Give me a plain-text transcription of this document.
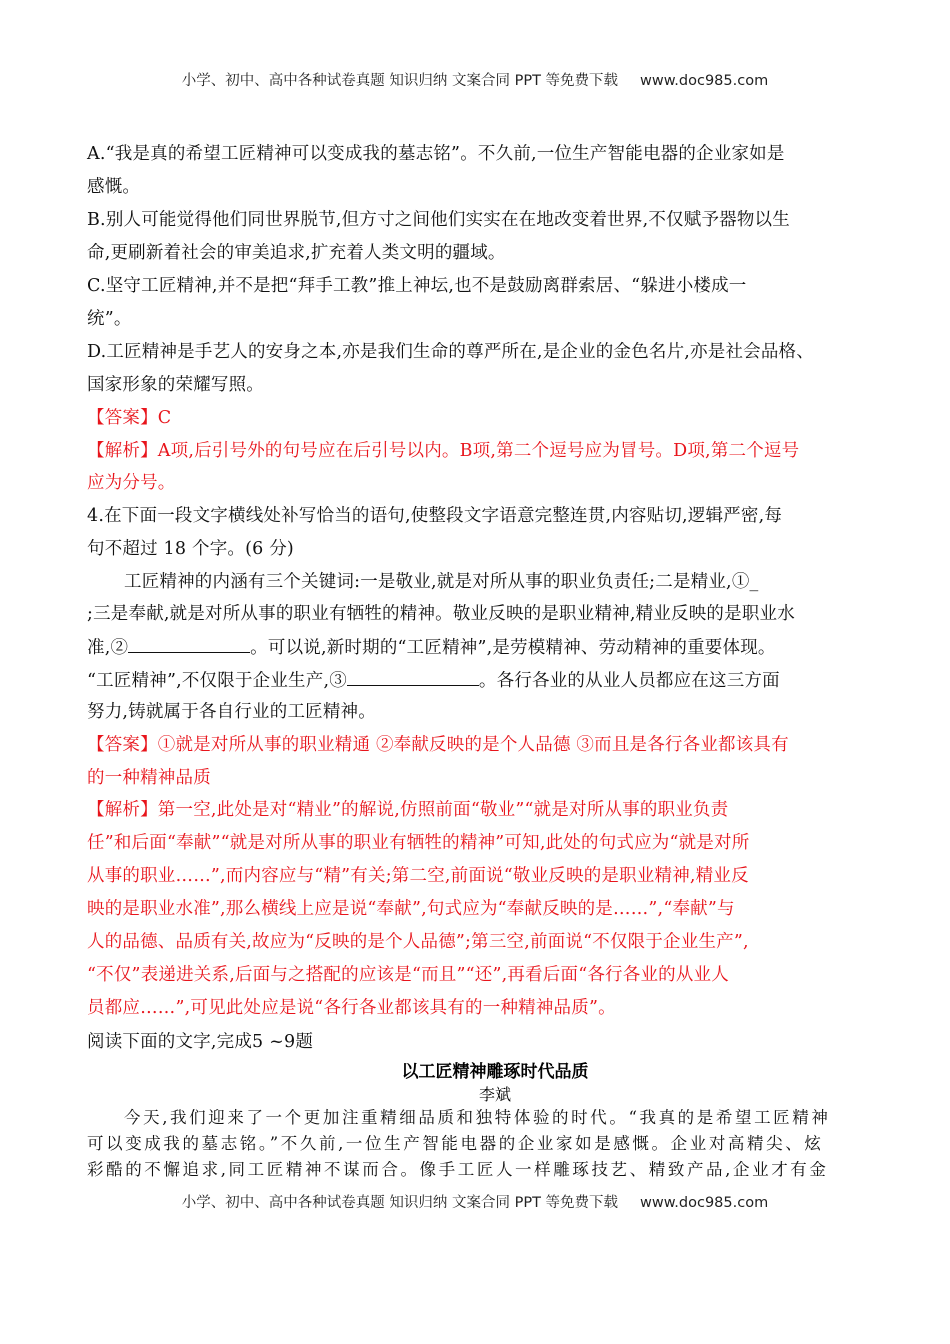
小学、初中、高中各种试卷真题 知识归纳 文案合同 PPT 等免费下载 www.doc985.com
A.“我是真的希望工匠精神可以变成我的墓志铭”。不久前,一位生产智能电器的企业家如是
感慨。
B.别人可能觉得他们同世界脱节,但方寸之间他们实实在在地改变着世界,不仅赋予器物以生
命,更刷新着社会的审美追求,扩充着人类文明的疆域。
C.坚守工匠精神,并不是把“拜手工教”推上神坛,也不是鼓励离群索居、“躲进小楼成一
统”。
D.工匠精神是手艺人的安身之本,亦是我们生命的尊严所在,是企业的金色名片,亦是社会品格、
国家形象的荣耀写照。
【答案】C
【解析】A项,后引号外的句号应在后引号以内。B项,第二个逗号应为冒号。D项,第二个逗号
应为分号。
4.在下面一段文字横线处补写恰当的语句,使整段文字语意完整连贯,内容贴切,逻辑严密,每
句不超过 18 个字。(6 分)
工匠精神的内涵有三个关键词:一是敬业,就是对所从事的职业负责任;二是精业,①_
;三是奉献,就是对所从事的职业有牺牲的精神。敬业反映的是职业精神,精业反映的是职业水
准,②	。可以说,新时期的“工匠精神”,是劳模精神、劳动精神的重要体现。
“工匠精神”,不仅限于企业生产,③	。各行各业的从业人员都应在这三方面
努力,铸就属于各自行业的工匠精神。
【答案】①就是对所从事的职业精通 ②奉献反映的是个人品德 ③而且是各行各业都该具有
的一种精神品质
【解析】第一空,此处是对“精业”的解说,仿照前面“敬业”“就是对所从事的职业负责
任”和后面“奉献”“就是对所从事的职业有牺牲的精神”可知,此处的句式应为“就是对所
从事的职业……”,而内容应与“精”有关;第二空,前面说“敬业反映的是职业精神,精业反
映的是职业水准”,那么横线上应是说“奉献”,句式应为“奉献反映的是……”,“奉献”与
人的品德、品质有关,故应为“反映的是个人品德”;第三空,前面说“不仅限于企业生产”,
“不仅”表递进关系,后面与之搭配的应该是“而且”“还”,再看后面“各行各业的从业人
员都应……”,可见此处应是说“各行各业都该具有的一种精神品质”。
阅读下面的文字,完成5 ~9题
以工匠精神雕琢时代品质
李斌
今天,我们迎来了一个更加注重精细品质和独特体验的时代。“我真的是希望工匠精神
可以变成我的墓志铭。”不久前,一位生产智能电器的企业家如是感慨。企业对高精尖、炫
彩酷的不懈追求,同工匠精神不谋而合。像手工匠人一样雕琢技艺、精致产品,企业才有金
小学、初中、高中各种试卷真题 知识归纳 文案合同 PPT 等免费下载 www.doc985.com
